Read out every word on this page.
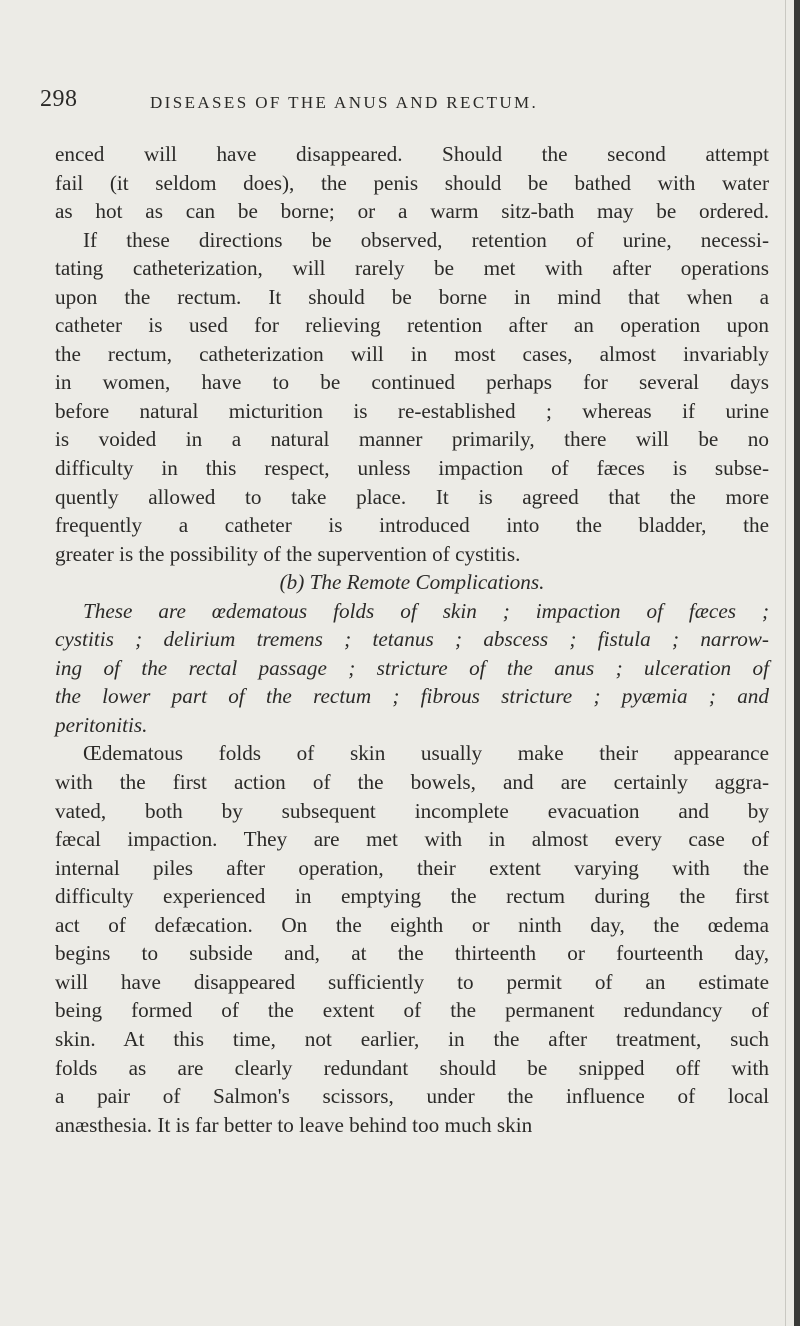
298	DISEASES OF THE ANUS AND RECTUM.
enced will have disappeared. Should the second attempt
fail (it seldom does), the penis should be bathed with water
as hot as can be borne; or a warm sitz-bath may be ordered.
If these directions be observed, retention of urine, necessi-
tating catheterization, will rarely be met with after operations
upon the rectum. It should be borne in mind that when a
catheter is used for relieving retention after an operation upon
the rectum, catheterization will in most cases, almost invariably
in women, have to be continued perhaps for several days
before natural micturition is re-established ; whereas if urine
is voided in a natural manner primarily, there will be no
difficulty in this respect, unless impaction of fæces is subse-
quently allowed to take place. It is agreed that the more
frequently a catheter is introduced into the bladder, the
greater is the possibility of the supervention of cystitis.
(b) The Remote Complications.
These are œdematous folds of skin ; impaction of fæces ;
cystitis ; delirium tremens ; tetanus ; abscess ; fistula ; narrow-
ing of the rectal passage ; stricture of the anus ; ulceration of
the lower part of the rectum ; fibrous stricture ; pyæmia ; and
peritonitis.
Œdematous folds of skin usually make their appearance
with the first action of the bowels, and are certainly aggra-
vated, both by subsequent incomplete evacuation and by
fæcal impaction. They are met with in almost every case of
internal piles after operation, their extent varying with the
difficulty experienced in emptying the rectum during the first
act of defæcation. On the eighth or ninth day, the œdema
begins to subside and, at the thirteenth or fourteenth day,
will have disappeared sufficiently to permit of an estimate
being formed of the extent of the permanent redundancy of
skin. At this time, not earlier, in the after treatment, such
folds as are clearly redundant should be snipped off with
a pair of Salmon's scissors, under the influence of local
anæsthesia. It is far better to leave behind too much skin
